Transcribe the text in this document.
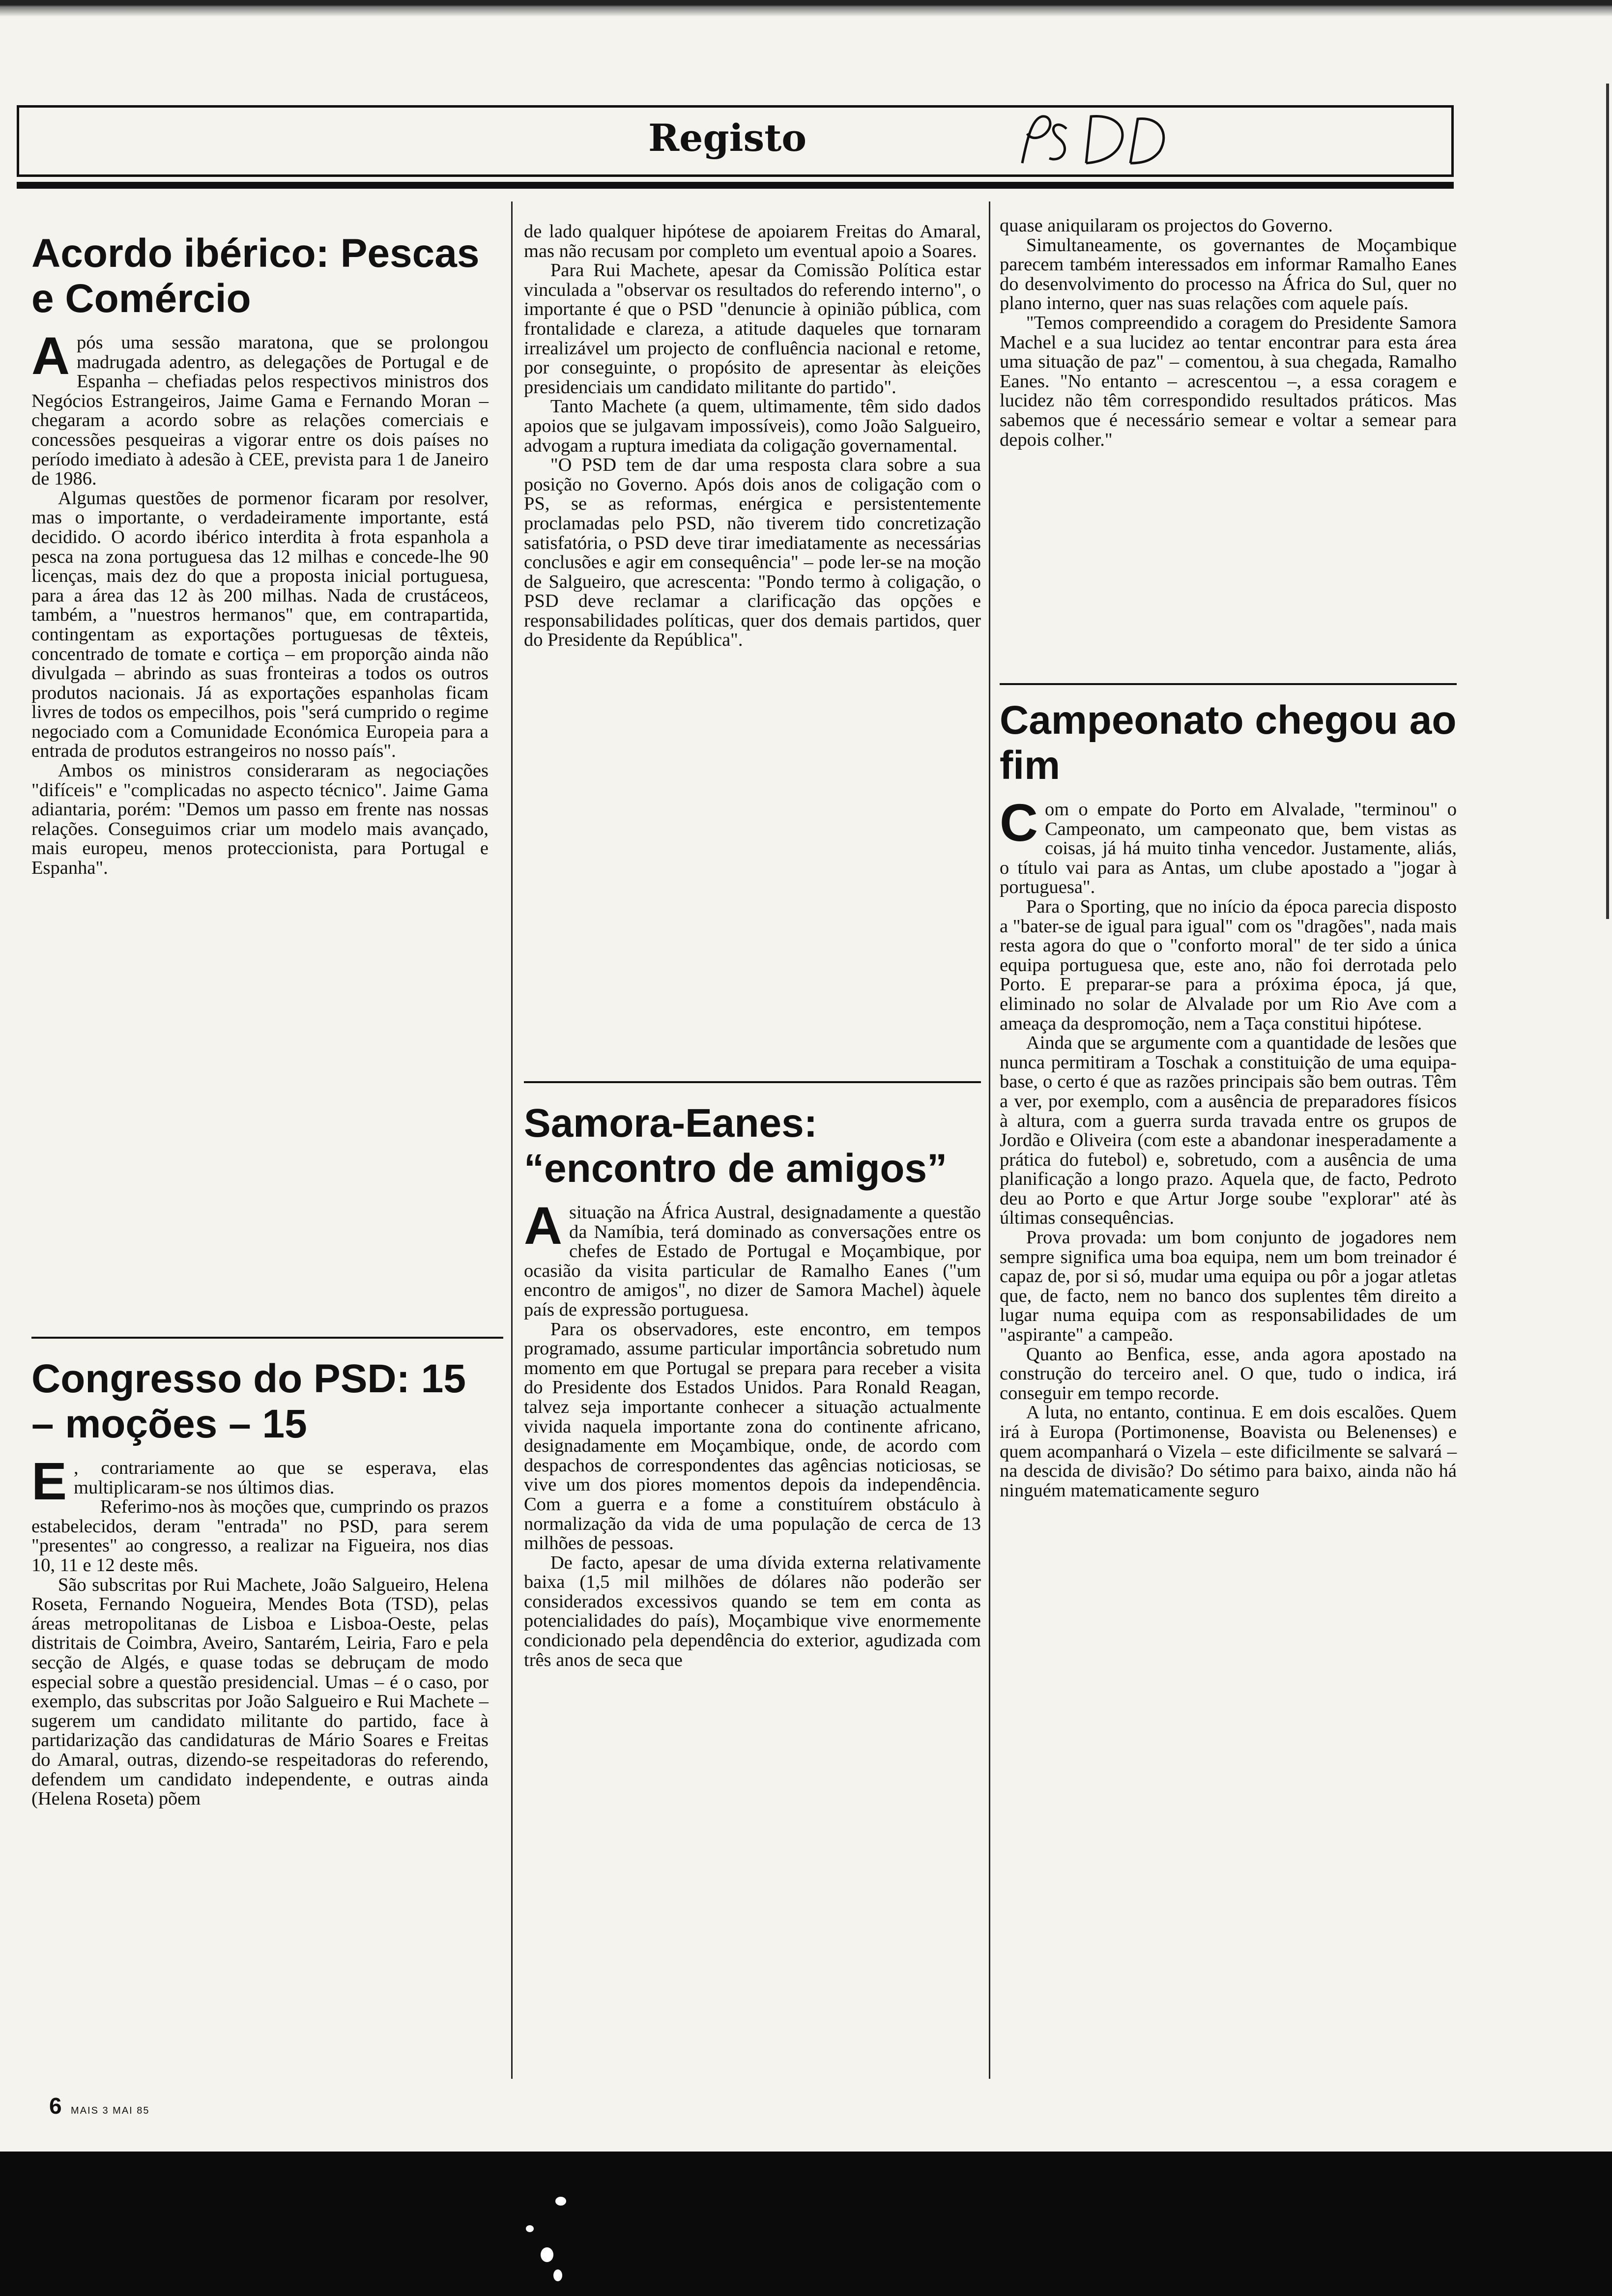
Registo
Acordo ibérico: Pescas e Comércio
A pós uma sessão maratona, que se prolongou madrugada adentro, as delegações de Portugal e de Espanha – chefiadas pelos respectivos ministros dos Negócios Estrangeiros, Jaime Gama e Fernando Moran – chegaram a acordo sobre as relações comerciais e concessões pesqueiras a vigorar entre os dois países no período imediato à adesão à CEE, prevista para 1 de Janeiro de 1986.

Algumas questões de pormenor ficaram por resolver, mas o importante, o verdadeiramente importante, está decidido. O acordo ibérico interdita à frota espanhola a pesca na zona portuguesa das 12 milhas e concede-lhe 90 licenças, mais dez do que a proposta inicial portuguesa, para a área das 12 às 200 milhas. Nada de crustáceos, também, a "nuestros hermanos" que, em contrapartida, contingentam as exportações portuguesas de têxteis, concentrado de tomate e cortiça – em proporção ainda não divulgada – abrindo as suas fronteiras a todos os outros produtos nacionais. Já as exportações espanholas ficam livres de todos os empecilhos, pois "será cumprido o regime negociado com a Comunidade Económica Europeia para a entrada de produtos estrangeiros no nosso país".

Ambos os ministros consideraram as negociações "difíceis" e "complicadas no aspecto técnico". Jaime Gama adiantaria, porém: "Demos um passo em frente nas nossas relações. Conseguimos criar um modelo mais avançado, mais europeu, menos proteccionista, para Portugal e Espanha".

Congresso do PSD: 15 – moções – 15
E , contrariamente ao que se esperava, elas multiplicaram-se nos últimos dias.

Referimo-nos às moções que, cumprindo os prazos estabelecidos, deram "entrada" no PSD, para serem "presentes" ao congresso, a realizar na Figueira, nos dias 10, 11 e 12 deste mês.

São subscritas por Rui Machete, João Salgueiro, Helena Roseta, Fernando Nogueira, Mendes Bota (TSD), pelas áreas metropolitanas de Lisboa e Lisboa-Oeste, pelas distritais de Coimbra, Aveiro, Santarém, Leiria, Faro e pela secção de Algés, e quase todas se debruçam de modo especial sobre a questão presidencial. Umas – é o caso, por exemplo, das subscritas por João Salgueiro e Rui Machete – sugerem um candidato militante do partido, face à partidarização das candidaturas de Mário Soares e Freitas do Amaral, outras, dizendo-se respeitadoras do referendo, defendem um candidato independente, e outras ainda (Helena Roseta) põem

de lado qualquer hipótese de apoiarem Freitas do Amaral, mas não recusam por completo um eventual apoio a Soares.

Para Rui Machete, apesar da Comissão Política estar vinculada a "observar os resultados do referendo interno", o importante é que o PSD "denuncie à opinião pública, com frontalidade e clareza, a atitude daqueles que tornaram irrealizável um projecto de confluência nacional e retome, por conseguinte, o propósito de apresentar às eleições presidenciais um candidato militante do partido".

Tanto Machete (a quem, ultimamente, têm sido dados apoios que se julgavam impossíveis), como João Salgueiro, advogam a ruptura imediata da coligação governamental.

"O PSD tem de dar uma resposta clara sobre a sua posição no Governo. Após dois anos de coligação com o PS, se as reformas, enérgica e persistentemente proclamadas pelo PSD, não tiverem tido concretização satisfatória, o PSD deve tirar imediatamente as necessárias conclusões e agir em consequência" – pode ler-se na moção de Salgueiro, que acrescenta: "Pondo termo à coligação, o PSD deve reclamar a clarificação das opções e responsabilidades políticas, quer dos demais partidos, quer do Presidente da República".

Samora-Eanes: “encontro de amigos”
A situação na África Austral, designadamente a questão da Namíbia, terá dominado as conversações entre os chefes de Estado de Portugal e Moçambique, por ocasião da visita particular de Ramalho Eanes ("um encontro de amigos", no dizer de Samora Machel) àquele país de expressão portuguesa.

Para os observadores, este encontro, em tempos programado, assume particular importância sobretudo num momento em que Portugal se prepara para receber a visita do Presidente dos Estados Unidos. Para Ronald Reagan, talvez seja importante conhecer a situação actualmente vivida naquela importante zona do continente africano, designadamente em Moçambique, onde, de acordo com despachos de correspondentes das agências noticiosas, se vive um dos piores momentos depois da independência. Com a guerra e a fome a constituírem obstáculo à normalização da vida de uma população de cerca de 13 milhões de pessoas.

De facto, apesar de uma dívida externa relativamente baixa (1,5 mil milhões de dólares não poderão ser considerados excessivos quando se tem em conta as potencialidades do país), Moçambique vive enormemente condicionado pela dependência do exterior, agudizada com três anos de seca que

quase aniquilaram os projectos do Governo.

Simultaneamente, os governantes de Moçambique parecem também interessados em informar Ramalho Eanes do desenvolvimento do processo na África do Sul, quer no plano interno, quer nas suas relações com aquele país.

"Temos compreendido a coragem do Presidente Samora Machel e a sua lucidez ao tentar encontrar para esta área uma situação de paz" – comentou, à sua chegada, Ramalho Eanes. "No entanto – acrescentou –, a essa coragem e lucidez não têm correspondido resultados práticos. Mas sabemos que é necessário semear e voltar a semear para depois colher."

Campeonato chegou ao fim
C om o empate do Porto em Alvalade, "terminou" o Campeonato, um campeonato que, bem vistas as coisas, já há muito tinha vencedor. Justamente, aliás, o título vai para as Antas, um clube apostado a "jogar à portuguesa".

Para o Sporting, que no início da época parecia disposto a "bater-se de igual para igual" com os "dragões", nada mais resta agora do que o "conforto moral" de ter sido a única equipa portuguesa que, este ano, não foi derrotada pelo Porto. E preparar-se para a próxima época, já que, eliminado no solar de Alvalade por um Rio Ave com a ameaça da despromoção, nem a Taça constitui hipótese.

Ainda que se argumente com a quantidade de lesões que nunca permitiram a Toschak a constituição de uma equipa-base, o certo é que as razões principais são bem outras. Têm a ver, por exemplo, com a ausência de preparadores físicos à altura, com a guerra surda travada entre os grupos de Jordão e Oliveira (com este a abandonar inesperadamente a prática do futebol) e, sobretudo, com a ausência de uma planificação a longo prazo. Aquela que, de facto, Pedroto deu ao Porto e que Artur Jorge soube "explorar" até às últimas consequências.

Prova provada: um bom conjunto de jogadores nem sempre significa uma boa equipa, nem um bom treinador é capaz de, por si só, mudar uma equipa ou pôr a jogar atletas que, de facto, nem no banco dos suplentes têm direito a lugar numa equipa com as responsabilidades de um "aspirante" a campeão.

Quanto ao Benfica, esse, anda agora apostado na construção do terceiro anel. O que, tudo o indica, irá conseguir em tempo recorde.

A luta, no entanto, continua. E em dois escalões. Quem irá à Europa (Portimonense, Boavista ou Belenenses) e quem acompanhará o Vizela – este dificilmente se salvará – na descida de divisão? Do sétimo para baixo, ainda não há ninguém matematicamente seguro

6 MAIS 3 MAI 85
